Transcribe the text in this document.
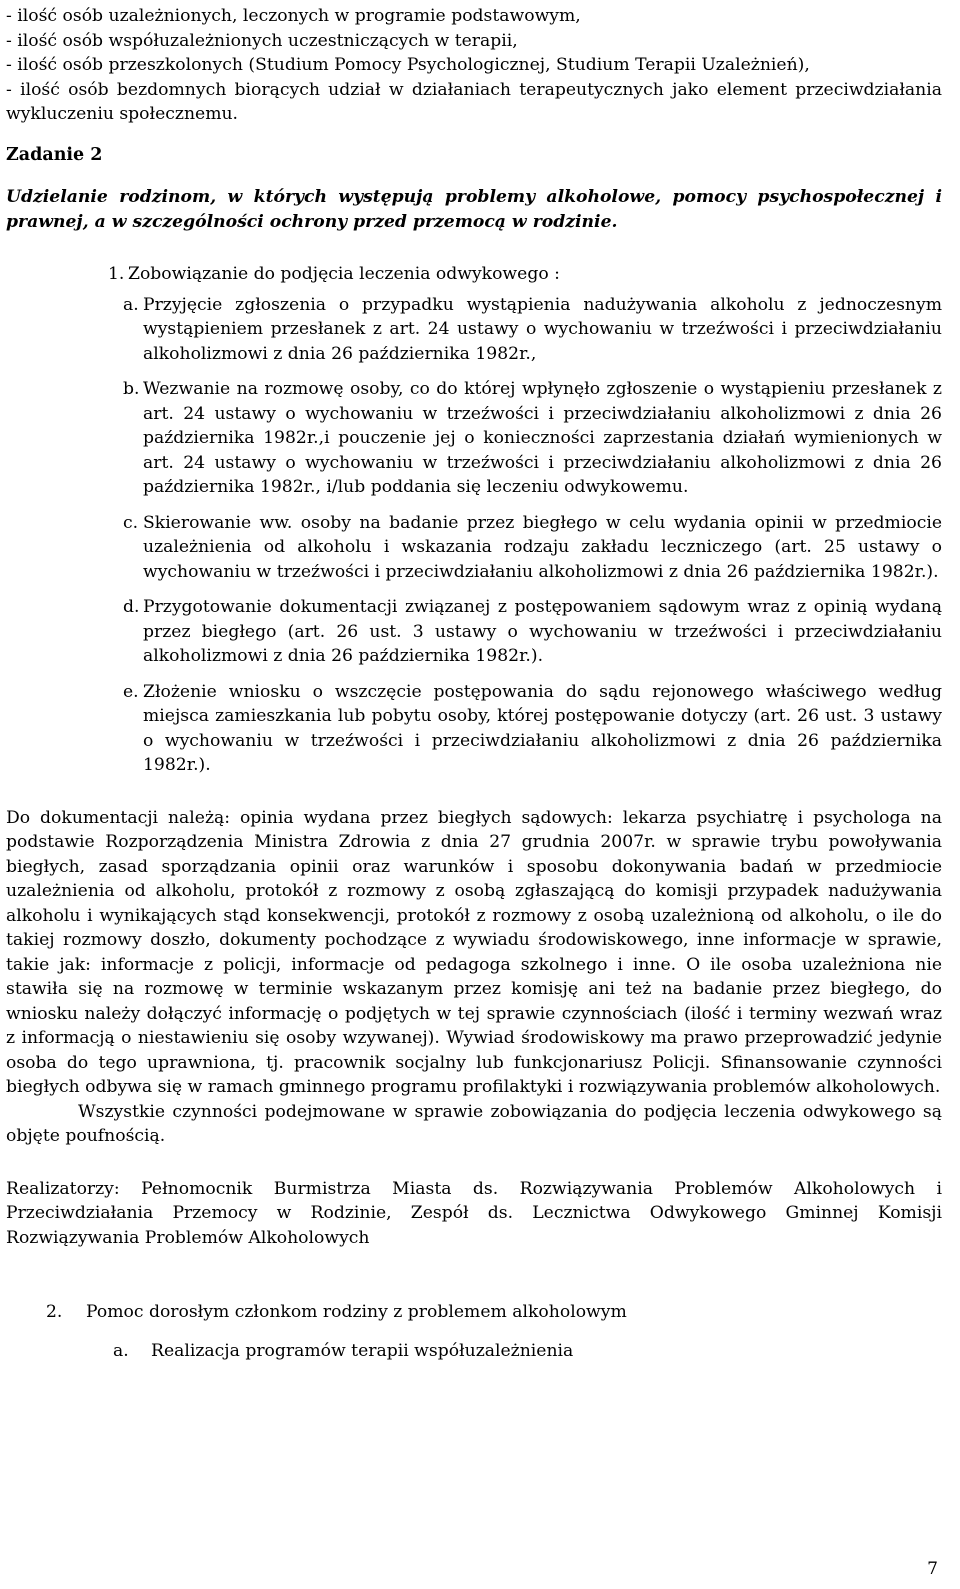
- ilość osób uzależnionych, leczonych w programie podstawowym,

- ilość osób współuzależnionych uczestniczących w terapii,

- ilość osób przeszkolonych (Studium Pomocy Psychologicznej, Studium Terapii Uzależnień),

- ilość osób bezdomnych biorących udział w działaniach terapeutycznych jako element przeciwdziałania wykluczeniu społecznemu.

Zadanie 2

Udzielanie rodzinom, w których występują problemy alkoholowe, pomocy psychospołecznej i prawnej, a w szczególności ochrony przed przemocą w rodzinie.

1. Zobowiązanie do podjęcia leczenia odwykowego :
a. Przyjęcie zgłoszenia o przypadku wystąpienia nadużywania alkoholu z jednoczesnym wystąpieniem przesłanek z art. 24 ustawy o wychowaniu w trzeźwości i przeciwdziałaniu alkoholizmowi z dnia 26 października 1982r.,
b. Wezwanie na rozmowę osoby, co do której wpłynęło zgłoszenie o wystąpieniu przesłanek z art. 24 ustawy o wychowaniu w trzeźwości i przeciwdziałaniu alkoholizmowi z dnia 26 października 1982r.,i pouczenie jej o konieczności zaprzestania działań wymienionych w art. 24 ustawy o wychowaniu w trzeźwości i przeciwdziałaniu alkoholizmowi z dnia 26 października 1982r., i/lub poddania się leczeniu odwykowemu.
c. Skierowanie ww. osoby na badanie przez biegłego w celu wydania opinii w przedmiocie uzależnienia od alkoholu i wskazania rodzaju zakładu leczniczego (art. 25 ustawy o wychowaniu w trzeźwości i przeciwdziałaniu alkoholizmowi z dnia 26 października 1982r.).
d. Przygotowanie dokumentacji związanej z postępowaniem sądowym wraz z opinią wydaną przez biegłego (art. 26 ust. 3 ustawy o wychowaniu w trzeźwości i przeciwdziałaniu alkoholizmowi z dnia 26 października 1982r.).
e. Złożenie wniosku o wszczęcie postępowania do sądu rejonowego właściwego według miejsca zamieszkania lub pobytu osoby, której postępowanie dotyczy (art. 26 ust. 3 ustawy o wychowaniu w trzeźwości i przeciwdziałaniu alkoholizmowi z dnia 26 października 1982r.).

Do dokumentacji należą: opinia wydana przez biegłych sądowych: lekarza psychiatrę i psychologa na podstawie Rozporządzenia Ministra Zdrowia z dnia 27 grudnia 2007r. w sprawie trybu powoływania biegłych, zasad sporządzania opinii oraz warunków i sposobu dokonywania badań w przedmiocie uzależnienia od alkoholu, protokół z rozmowy z osobą zgłaszającą do komisji przypadek nadużywania alkoholu i wynikających stąd konsekwencji, protokół z rozmowy z osobą uzależnioną od alkoholu, o ile do takiej rozmowy doszło, dokumenty pochodzące z wywiadu środowiskowego, inne informacje w sprawie, takie jak: informacje z policji, informacje od pedagoga szkolnego i inne. O ile osoba uzależniona nie stawiła się na rozmowę w terminie wskazanym przez komisję ani też na badanie przez biegłego, do wniosku należy dołączyć informację o podjętych w tej sprawie czynnościach (ilość i terminy wezwań wraz z informacją o niestawieniu się osoby wzywanej). Wywiad środowiskowy ma prawo przeprowadzić jedynie osoba do tego uprawniona, tj. pracownik socjalny lub funkcjonariusz Policji. Sfinansowanie czynności biegłych odbywa się w ramach gminnego programu profilaktyki i rozwiązywania problemów alkoholowych.
Wszystkie czynności podejmowane w sprawie zobowiązania do podjęcia leczenia odwykowego są objęte poufnością.

Realizatorzy: Pełnomocnik Burmistrza Miasta ds. Rozwiązywania Problemów Alkoholowych i Przeciwdziałania Przemocy w Rodzinie, Zespół ds. Lecznictwa Odwykowego Gminnej Komisji Rozwiązywania Problemów Alkoholowych

2. Pomoc dorosłym członkom rodziny z problemem alkoholowym
a. Realizacja programów terapii współuzależnienia
7
